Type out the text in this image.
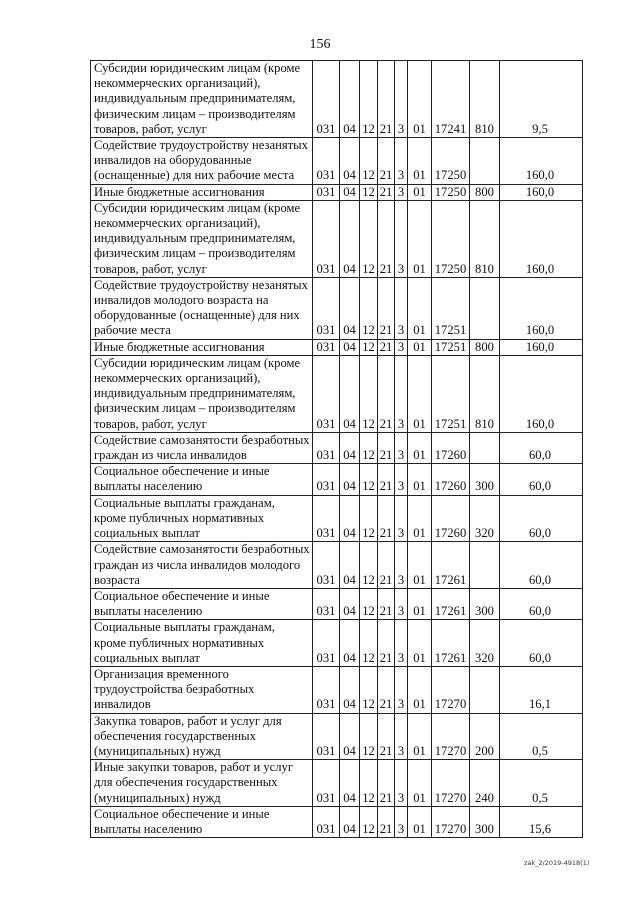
156
Субсидии юридическим лицам (кроме некоммерческих организаций), индивидуальным предпринимателям, физическим лицам – производителям товаров, работ, услуг	031	04	12	21	3	01	17241	810	9,5
Содействие трудоустройству незанятых инвалидов на оборудованные (оснащенные) для них рабочие места	031	04	12	21	3	01	17250		160,0
Иные бюджетные ассигнования	031	04	12	21	3	01	17250	800	160,0
Субсидии юридическим лицам (кроме некоммерческих организаций), индивидуальным предпринимателям, физическим лицам – производителям товаров, работ, услуг	031	04	12	21	3	01	17250	810	160,0
Содействие трудоустройству незанятых инвалидов молодого возраста на оборудованные (оснащенные) для них рабочие места	031	04	12	21	3	01	17251		160,0
Иные бюджетные ассигнования	031	04	12	21	3	01	17251	800	160,0
Субсидии юридическим лицам (кроме некоммерческих организаций), индивидуальным предпринимателям, физическим лицам – производителям товаров, работ, услуг	031	04	12	21	3	01	17251	810	160,0
Содействие самозанятости безработных граждан из числа инвалидов	031	04	12	21	3	01	17260		60,0
Социальное обеспечение и иные выплаты населению	031	04	12	21	3	01	17260	300	60,0
Социальные выплаты гражданам, кроме публичных нормативных социальных выплат	031	04	12	21	3	01	17260	320	60,0
Содействие самозанятости безработных граждан из числа инвалидов молодого возраста	031	04	12	21	3	01	17261		60,0
Социальное обеспечение и иные выплаты населению	031	04	12	21	3	01	17261	300	60,0
Социальные выплаты гражданам, кроме публичных нормативных социальных выплат	031	04	12	21	3	01	17261	320	60,0
Организация временного трудоустройства безработных инвалидов	031	04	12	21	3	01	17270		16,1
Закупка товаров, работ и услуг для обеспечения государственных (муниципальных) нужд	031	04	12	21	3	01	17270	200	0,5
Иные закупки товаров, работ и услуг для обеспечения государственных (муниципальных) нужд	031	04	12	21	3	01	17270	240	0,5
Социальное обеспечение и иные выплаты населению	031	04	12	21	3	01	17270	300	15,6
zak_2/2019-4918(1)
